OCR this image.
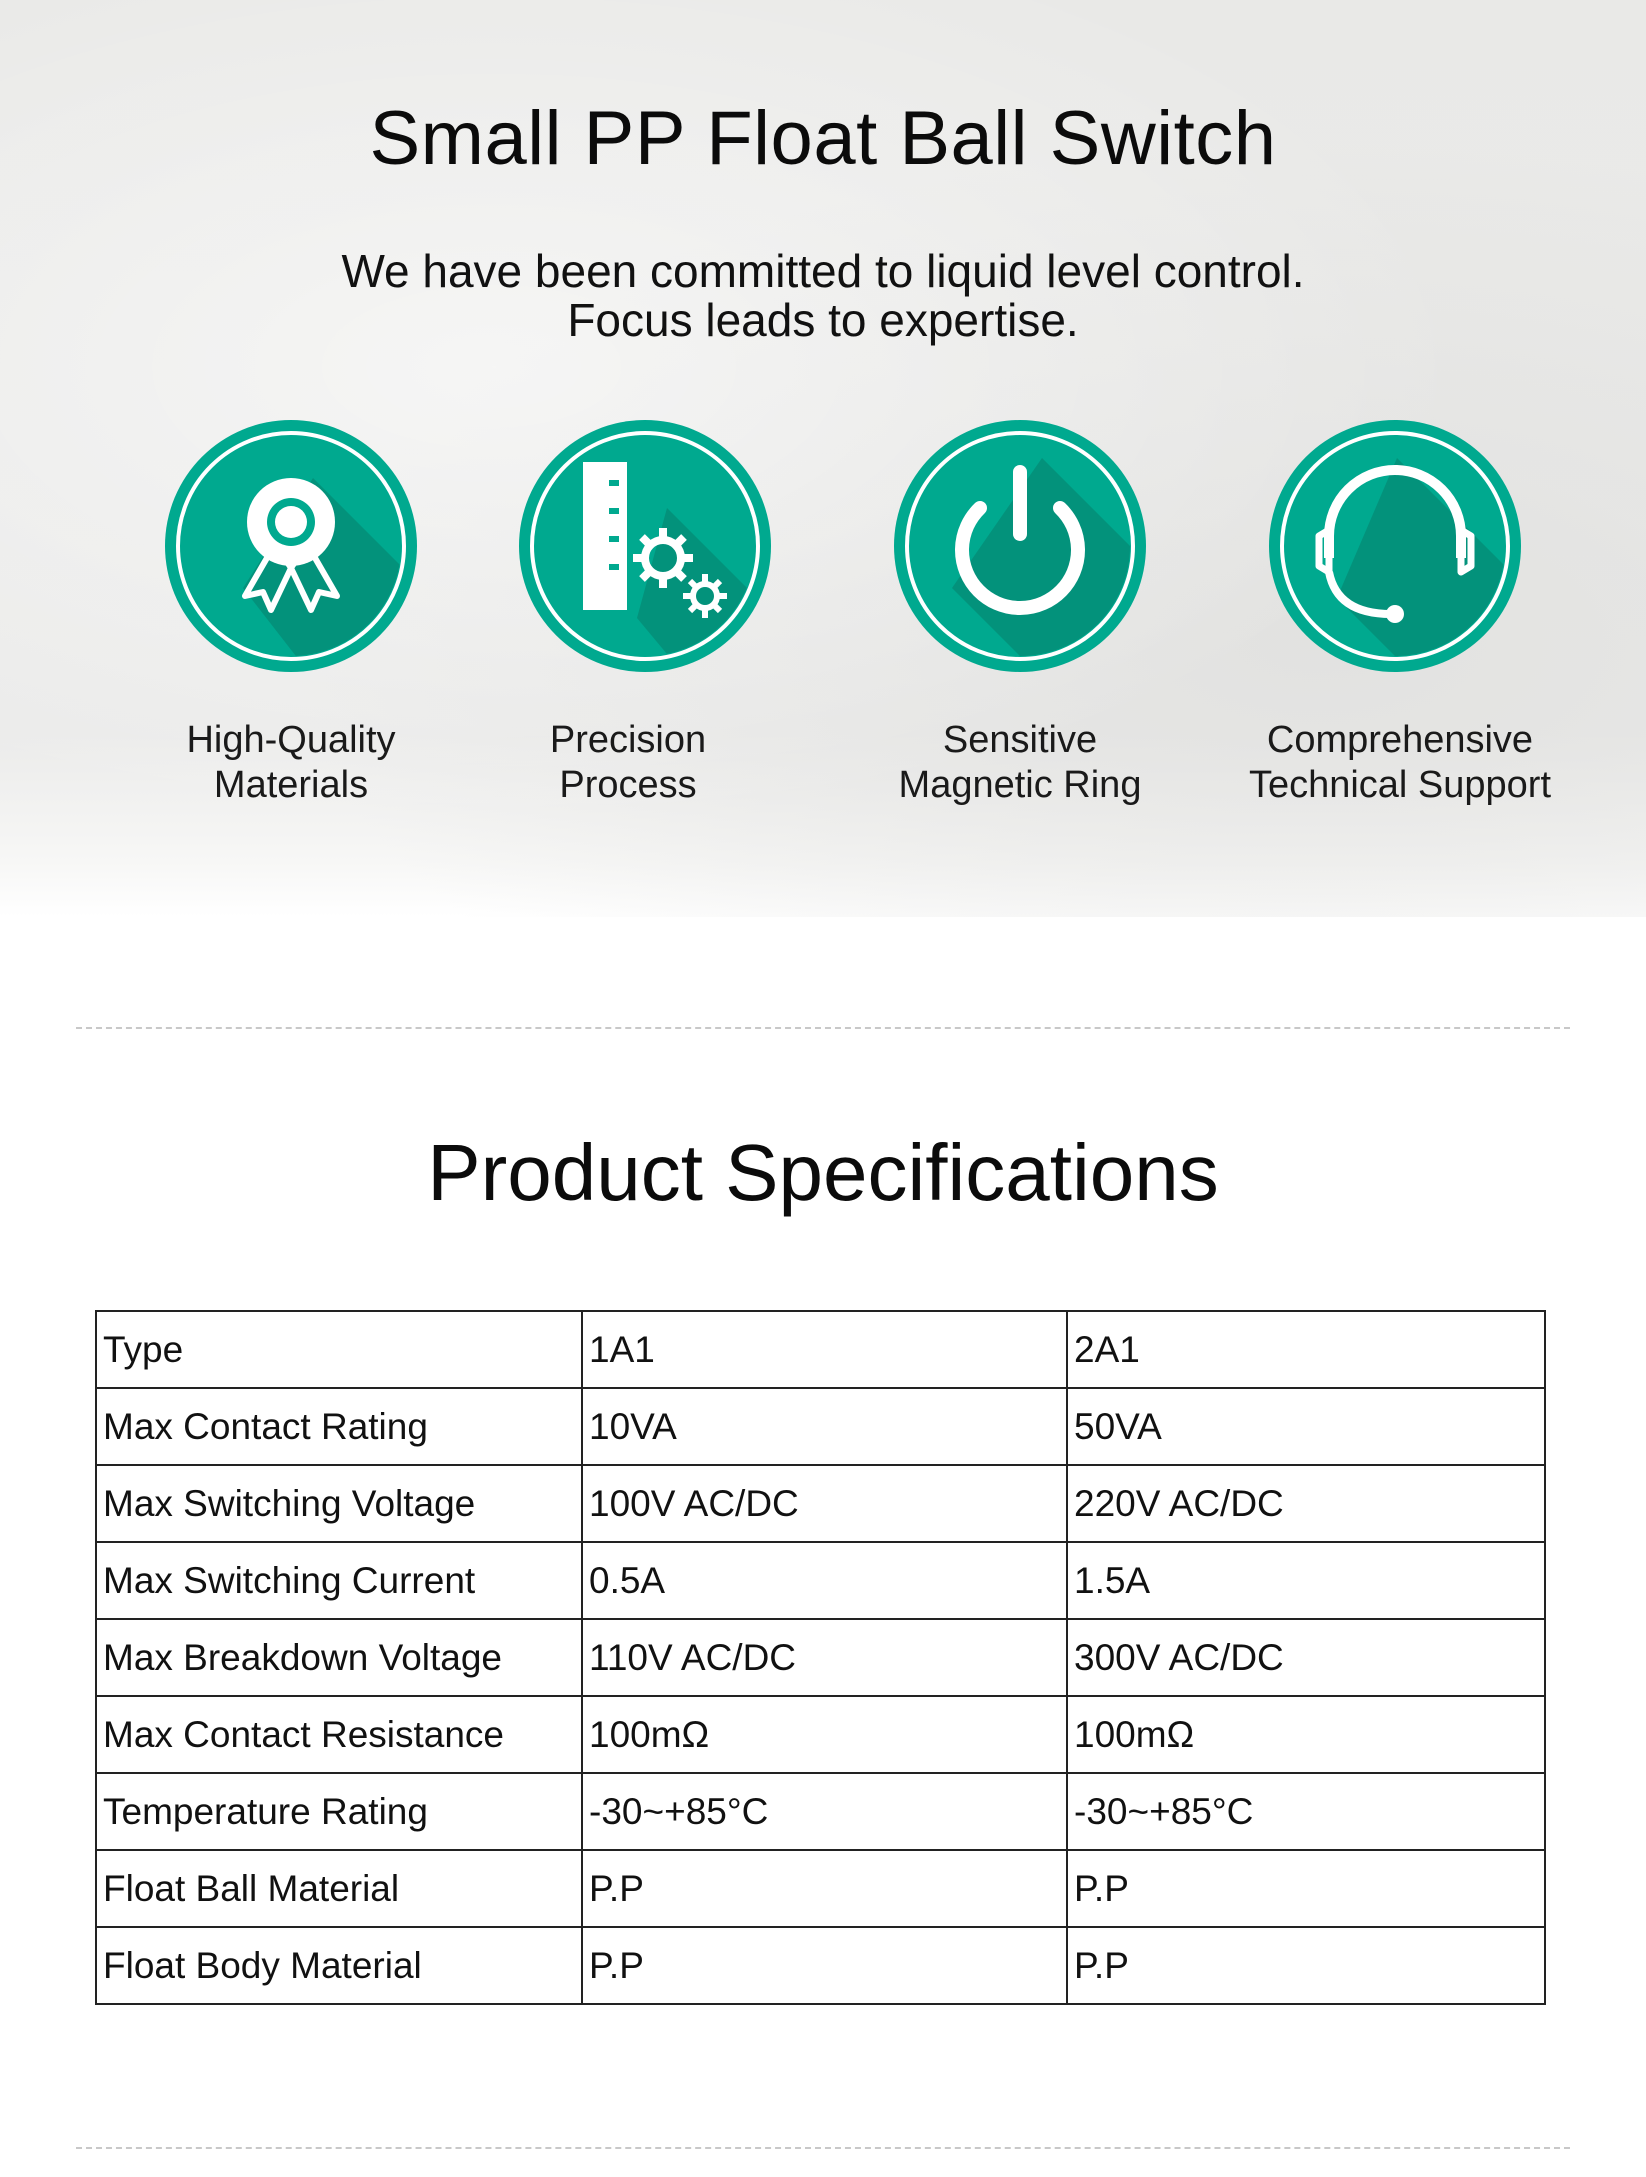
Small PP Float Ball Switch
We have been committed to liquid level control.
Focus leads to expertise.
High-Quality
Materials
Precision
Process
Sensitive
Magnetic Ring
Comprehensive
Technical Support
Product Specifications
Type	1A1	2A1
Max Contact Rating	10VA	50VA
Max Switching Voltage	100V AC/DC	220V AC/DC
Max Switching Current	0.5A	1.5A
Max Breakdown Voltage	110V AC/DC	300V AC/DC
Max Contact Resistance	100mΩ	100mΩ
Temperature Rating	-30~+85°C	-30~+85°C
Float Ball Material	P.P	P.P
Float Body Material	P.P	P.P
